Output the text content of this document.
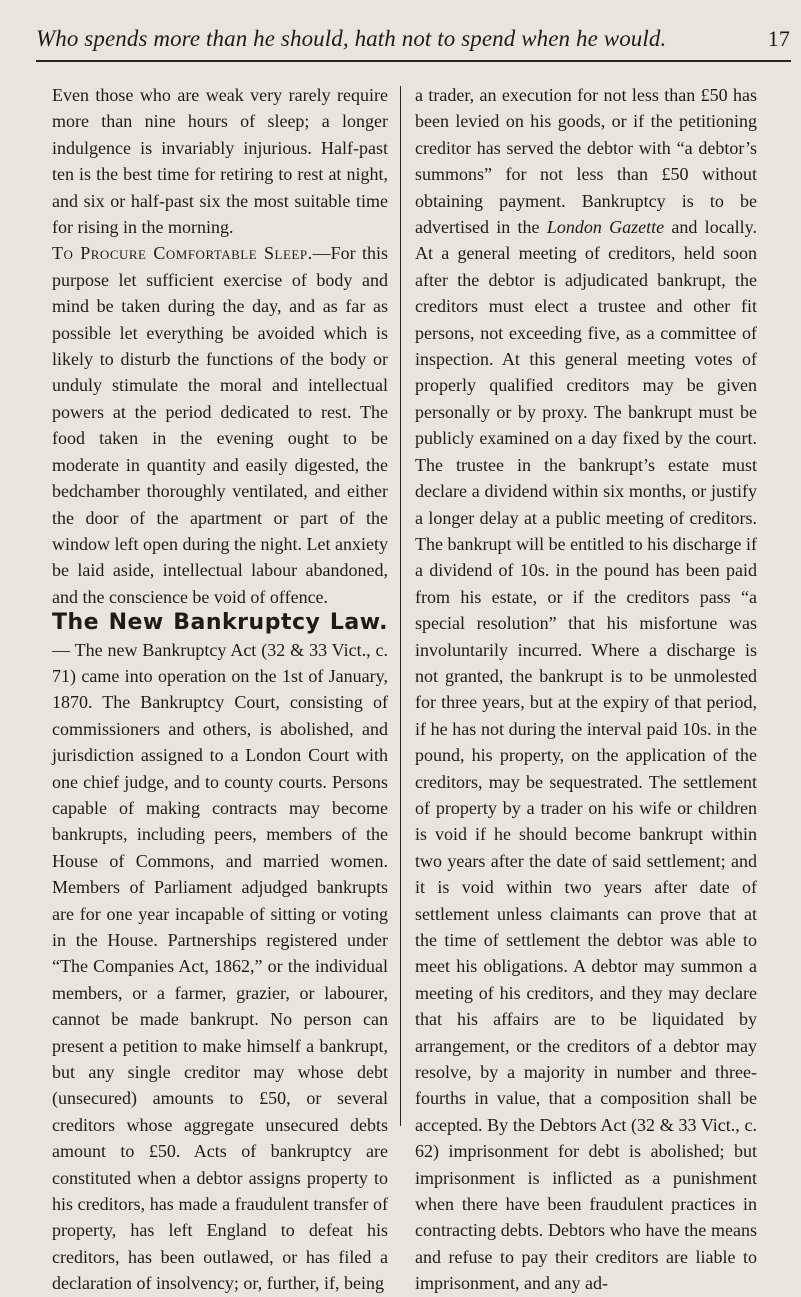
Who spends more than he should, hath not to spend when he would.	17

Even those who are weak very rarely require more than nine hours of sleep; a longer indulgence is invariably injurious. Half-past ten is the best time for retiring to rest at night, and six or half-past six the most suitable time for rising in the morning.

To Procure Comfortable Sleep.—For this purpose let sufficient exercise of body and mind be taken during the day, and as far as possible let everything be avoided which is likely to disturb the functions of the body or unduly stimulate the moral and intellectual powers at the period dedicated to rest. The food taken in the evening ought to be moderate in quantity and easily digested, the bedchamber thoroughly ventilated, and either the door of the apartment or part of the window left open during the night. Let anxiety be laid aside, intellectual labour abandoned, and the conscience be void of offence.

The New Bankruptcy Law.— The new Bankruptcy Act (32 & 33 Vict., c. 71) came into operation on the 1st of January, 1870. The Bankruptcy Court, consisting of commissioners and others, is abolished, and jurisdiction assigned to a London Court with one chief judge, and to county courts. Persons capable of making contracts may become bankrupts, including peers, members of the House of Commons, and married women. Members of Parliament adjudged bankrupts are for one year incapable of sitting or voting in the House. Partnerships registered under “The Companies Act, 1862,” or the individual members, or a farmer, grazier, or labourer, cannot be made bankrupt. No person can present a petition to make himself a bankrupt, but any single creditor may whose debt (unsecured) amounts to £50, or several creditors whose aggregate unsecured debts amount to £50. Acts of bankruptcy are constituted when a debtor assigns property to his creditors, has made a fraudulent transfer of property, has left England to defeat his creditors, has been outlawed, or has filed a declaration of insolvency; or, further, if, being

a trader, an execution for not less than £50 has been levied on his goods, or if the petitioning creditor has served the debtor with “a debtor’s summons” for not less than £50 without obtaining payment. Bankruptcy is to be advertised in the London Gazette and locally. At a general meeting of creditors, held soon after the debtor is adjudicated bankrupt, the creditors must elect a trustee and other fit persons, not exceeding five, as a committee of inspection. At this general meeting votes of properly qualified creditors may be given personally or by proxy. The bankrupt must be publicly examined on a day fixed by the court. The trustee in the bankrupt’s estate must declare a dividend within six months, or justify a longer delay at a public meeting of creditors. The bankrupt will be entitled to his discharge if a dividend of 10s. in the pound has been paid from his estate, or if the creditors pass “a special resolution” that his misfortune was involuntarily incurred. Where a discharge is not granted, the bankrupt is to be unmolested for three years, but at the expiry of that period, if he has not during the interval paid 10s. in the pound, his property, on the application of the creditors, may be sequestrated. The settlement of property by a trader on his wife or children is void if he should become bankrupt within two years after the date of said settlement; and it is void within two years after date of settlement unless claimants can prove that at the time of settlement the debtor was able to meet his obligations. A debtor may summon a meeting of his creditors, and they may declare that his affairs are to be liquidated by arrangement, or the creditors of a debtor may resolve, by a majority in number and three-fourths in value, that a composition shall be accepted. By the Debtors Act (32 & 33 Vict., c. 62) imprisonment for debt is abolished; but imprisonment is inflicted as a punishment when there have been fraudulent practices in contracting debts. Debtors who have the means and refuse to pay their creditors are liable to imprisonment, and any ad-
